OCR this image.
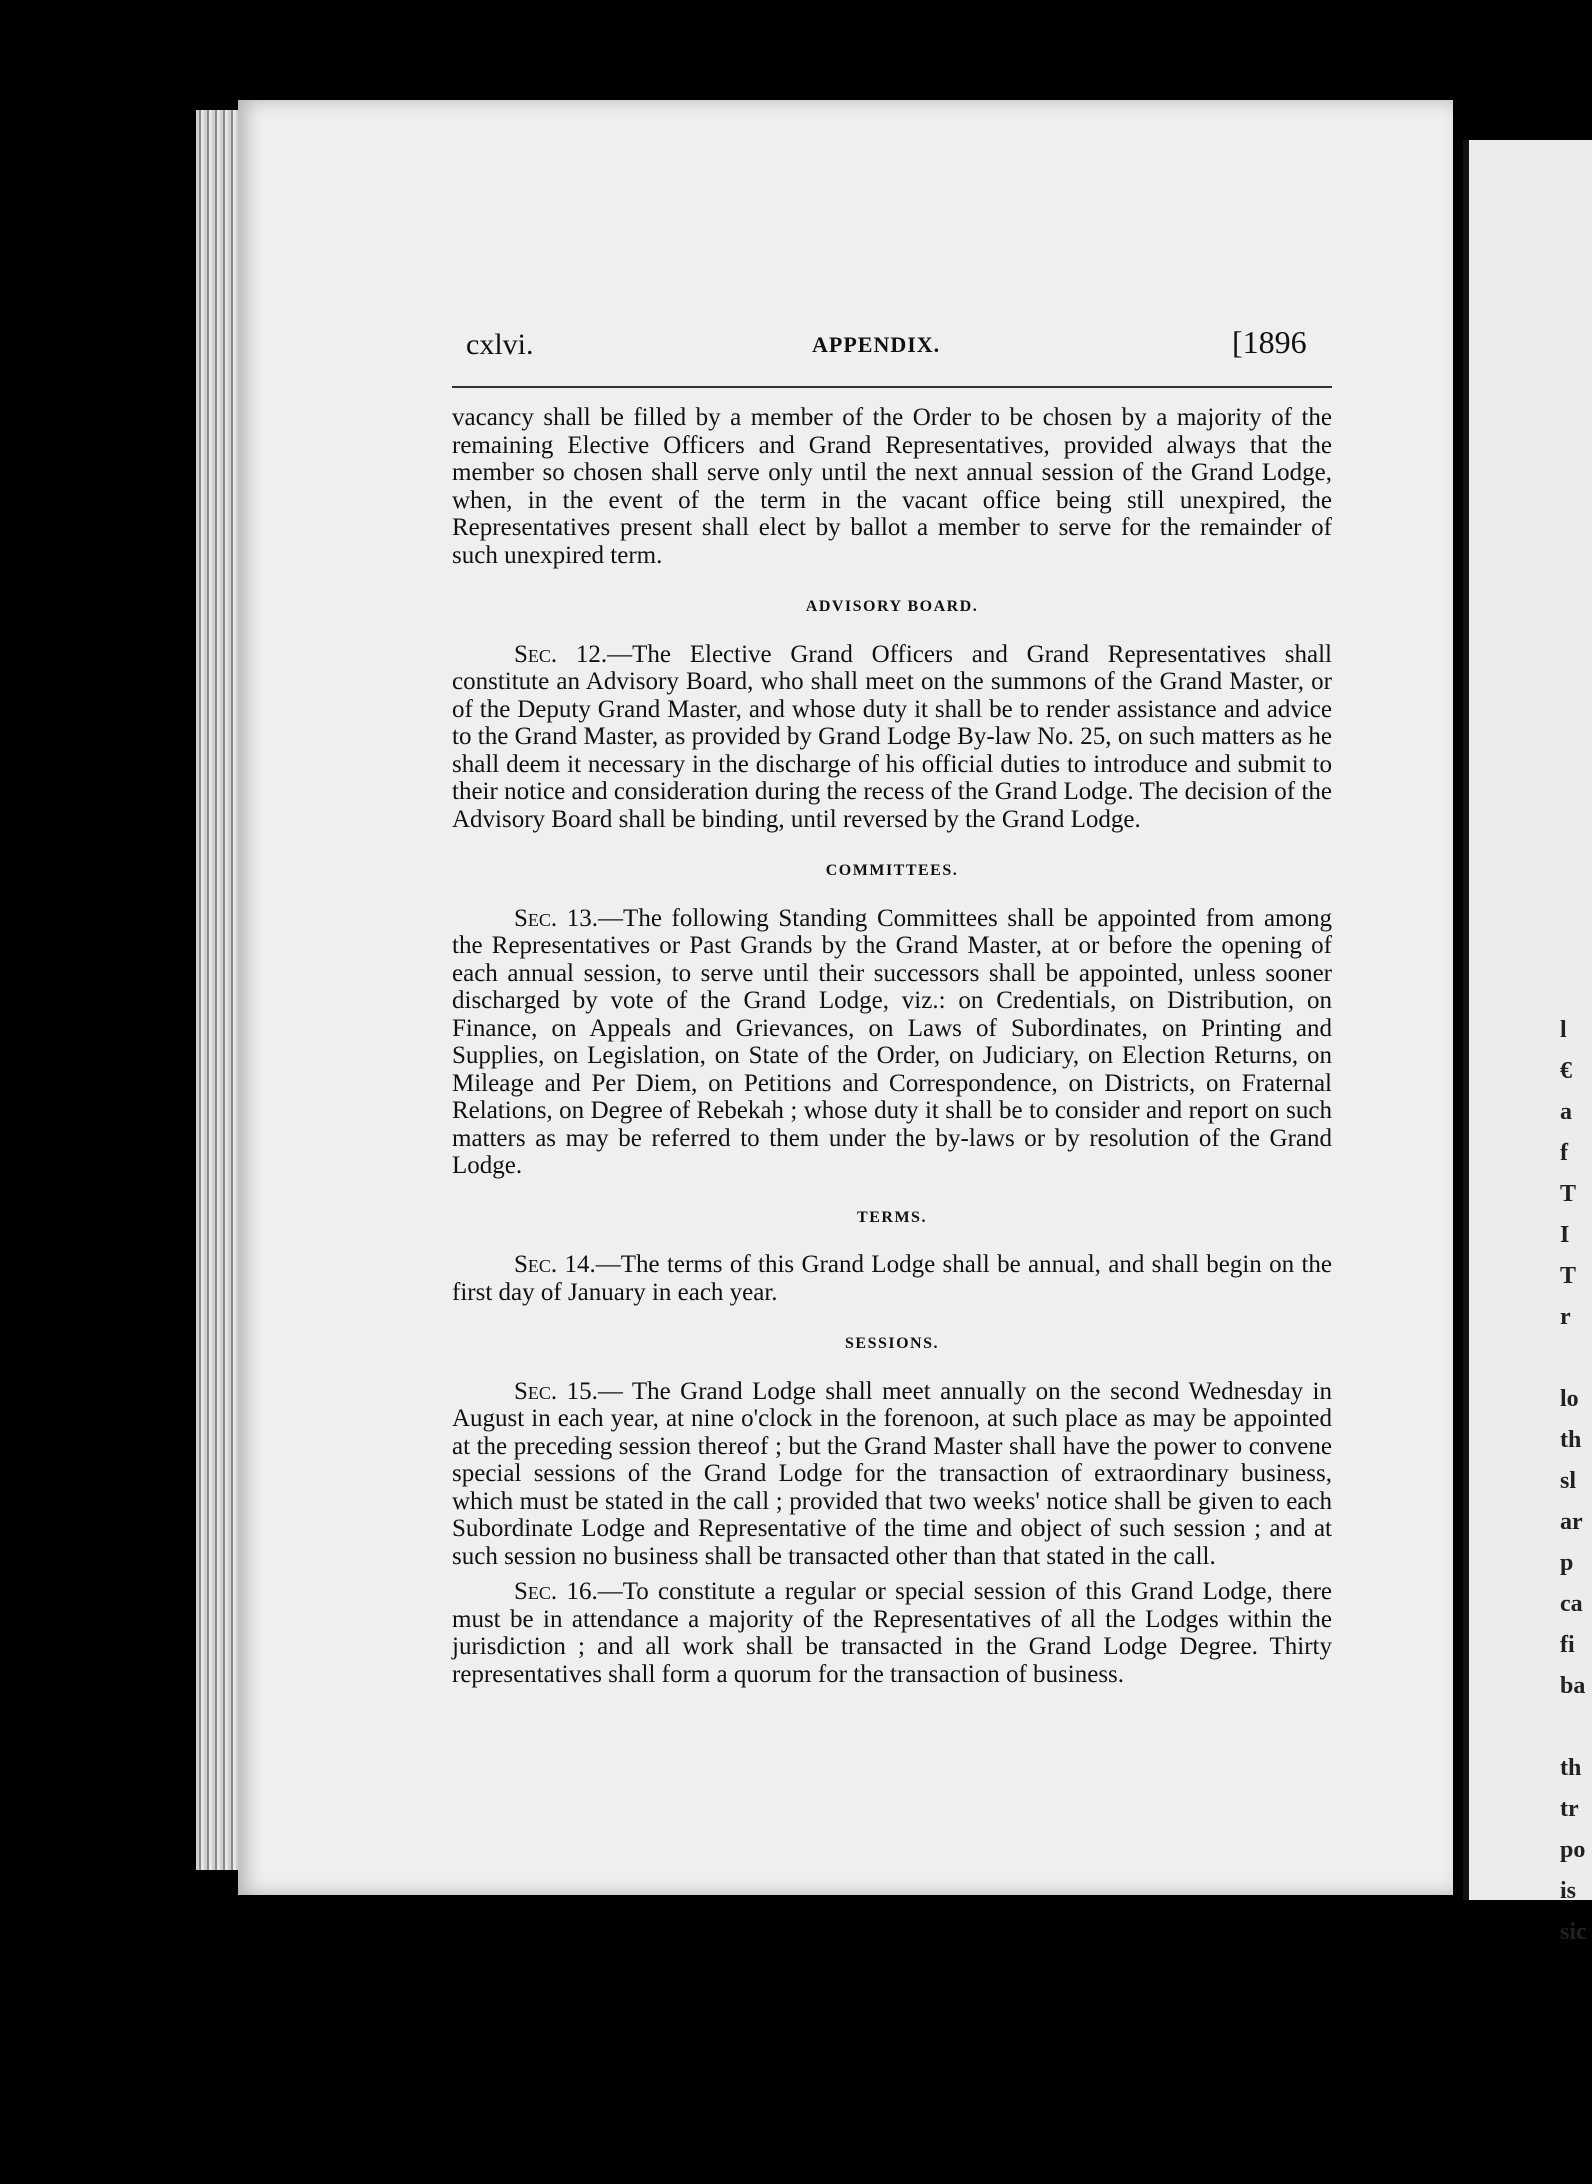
l
€
a
f
T
I
T
r

lo
th
sl
ar
p
ca
fi
ba

th
tr
po
is
sic
cxlvi.	APPENDIX.	[1896

vacancy shall be filled by a member of the Order to be chosen by a majority of the remaining Elective Officers and Grand Representatives, provided always that the member so chosen shall serve only until the next annual session of the Grand Lodge, when, in the event of the term in the vacant office being still unexpired, the Representatives present shall elect by ballot a member to serve for the remainder of such unexpired term.

ADVISORY BOARD.

Sec. 12.—The Elective Grand Officers and Grand Representatives shall constitute an Advisory Board, who shall meet on the summons of the Grand Master, or of the Deputy Grand Master, and whose duty it shall be to render assistance and advice to the Grand Master, as provided by Grand Lodge By-law No. 25, on such matters as he shall deem it necessary in the discharge of his official duties to introduce and submit to their notice and consideration during the recess of the Grand Lodge. The decision of the Advisory Board shall be binding, until reversed by the Grand Lodge.

COMMITTEES.

Sec. 13.—The following Standing Committees shall be appointed from among the Representatives or Past Grands by the Grand Master, at or before the opening of each annual session, to serve until their successors shall be appointed, unless sooner discharged by vote of the Grand Lodge, viz.: on Credentials, on Distribution, on Finance, on Appeals and Grievances, on Laws of Subordinates, on Printing and Supplies, on Legislation, on State of the Order, on Judiciary, on Election Returns, on Mileage and Per Diem, on Petitions and Correspondence, on Districts, on Fraternal Relations, on Degree of Rebekah ; whose duty it shall be to consider and report on such matters as may be referred to them under the by-laws or by resolution of the Grand Lodge.

TERMS.

Sec. 14.—The terms of this Grand Lodge shall be annual, and shall begin on the first day of January in each year.

SESSIONS.

Sec. 15.— The Grand Lodge shall meet annually on the second Wednesday in August in each year, at nine o'clock in the forenoon, at such place as may be appointed at the preceding session thereof ; but the Grand Master shall have the power to convene special sessions of the Grand Lodge for the transaction of extraordinary business, which must be stated in the call ; provided that two weeks' notice shall be given to each Subordinate Lodge and Representative of the time and object of such session ; and at such session no business shall be transacted other than that stated in the call.

Sec. 16.—To constitute a regular or special session of this Grand Lodge, there must be in attendance a majority of the Representatives of all the Lodges within the jurisdiction ; and all work shall be transacted in the Grand Lodge Degree. Thirty representatives shall form a quorum for the transaction of business.
